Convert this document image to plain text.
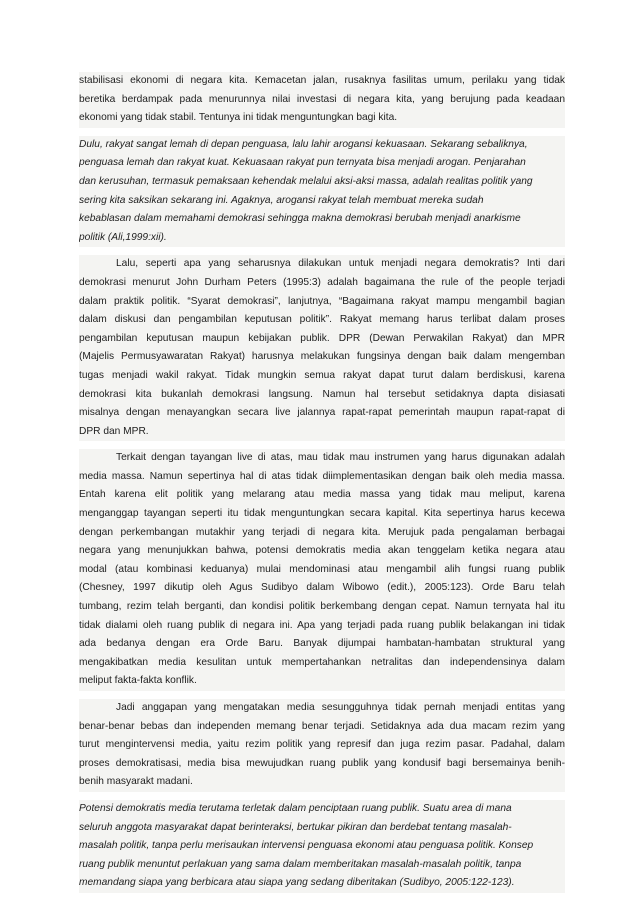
stabilisasi ekonomi di negara kita. Kemacetan jalan, rusaknya fasilitas umum, perilaku yang tidak
beretika berdampak pada menurunnya nilai investasi di negara kita, yang berujung pada keadaan
ekonomi yang tidak stabil. Tentunya ini tidak menguntungkan bagi kita.
Dulu, rakyat sangat lemah di depan penguasa, lalu lahir arogansi kekuasaan. Sekarang sebaliknya,
penguasa lemah dan rakyat kuat. Kekuasaan rakyat pun ternyata bisa menjadi arogan. Penjarahan
dan kerusuhan, termasuk pemaksaan kehendak melalui aksi-aksi massa, adalah realitas politik yang
sering kita saksikan sekarang ini. Agaknya, arogansi rakyat telah membuat mereka sudah
kebablasan dalam memahami demokrasi sehingga makna demokrasi berubah menjadi anarkisme
politik (Ali,1999:xii).
Lalu, seperti apa yang seharusnya dilakukan untuk menjadi negara demokratis? Inti dari
demokrasi menurut John Durham Peters (1995:3) adalah bagaimana the rule of the people terjadi
dalam praktik politik. “Syarat demokrasi”, lanjutnya, “Bagaimana rakyat mampu mengambil bagian
dalam diskusi dan pengambilan keputusan politik”. Rakyat memang harus terlibat dalam proses
pengambilan keputusan maupun kebijakan publik. DPR (Dewan Perwakilan Rakyat) dan MPR
(Majelis Permusyawaratan Rakyat) harusnya melakukan fungsinya dengan baik dalam mengemban
tugas menjadi wakil rakyat. Tidak mungkin semua rakyat dapat turut dalam berdiskusi, karena
demokrasi kita bukanlah demokrasi langsung. Namun hal tersebut setidaknya dapta disiasati
misalnya dengan menayangkan secara live jalannya rapat-rapat pemerintah maupun rapat-rapat di
DPR dan MPR.
Terkait dengan tayangan live di atas, mau tidak mau instrumen yang harus digunakan adalah
media massa. Namun sepertinya hal di atas tidak diimplementasikan dengan baik oleh media massa.
Entah karena elit politik yang melarang atau media massa yang tidak mau meliput, karena
menganggap tayangan seperti itu tidak menguntungkan secara kapital. Kita sepertinya harus kecewa
dengan perkembangan mutakhir yang terjadi di negara kita. Merujuk pada pengalaman berbagai
negara yang menunjukkan bahwa, potensi demokratis media akan tenggelam ketika negara atau
modal (atau kombinasi keduanya) mulai mendominasi atau mengambil alih fungsi ruang publik
(Chesney, 1997 dikutip oleh Agus Sudibyo dalam Wibowo (edit.), 2005:123). Orde Baru telah
tumbang, rezim telah berganti, dan kondisi politik berkembang dengan cepat. Namun ternyata hal itu
tidak dialami oleh ruang publik di negara ini. Apa yang terjadi pada ruang publik belakangan ini tidak
ada bedanya dengan era Orde Baru. Banyak dijumpai hambatan-hambatan struktural yang
mengakibatkan media kesulitan untuk mempertahankan netralitas dan independensinya dalam
meliput fakta-fakta konflik.
Jadi anggapan yang mengatakan media sesungguhnya tidak pernah menjadi entitas yang
benar-benar bebas dan independen memang benar terjadi. Setidaknya ada dua macam rezim yang
turut mengintervensi media, yaitu rezim politik yang represif dan juga rezim pasar. Padahal, dalam
proses demokratisasi, media bisa mewujudkan ruang publik yang kondusif bagi bersemainya benih-
benih masyarakt madani.
Potensi demokratis media terutama terletak dalam penciptaan ruang publik. Suatu area di mana
seluruh anggota masyarakat dapat berinteraksi, bertukar pikiran dan berdebat tentang masalah-
masalah politik, tanpa perlu merisaukan intervensi penguasa ekonomi atau penguasa politik. Konsep
ruang publik menuntut perlakuan yang sama dalam memberitakan masalah-masalah politik, tanpa
memandang siapa yang berbicara atau siapa yang sedang diberitakan (Sudibyo, 2005:122-123).
